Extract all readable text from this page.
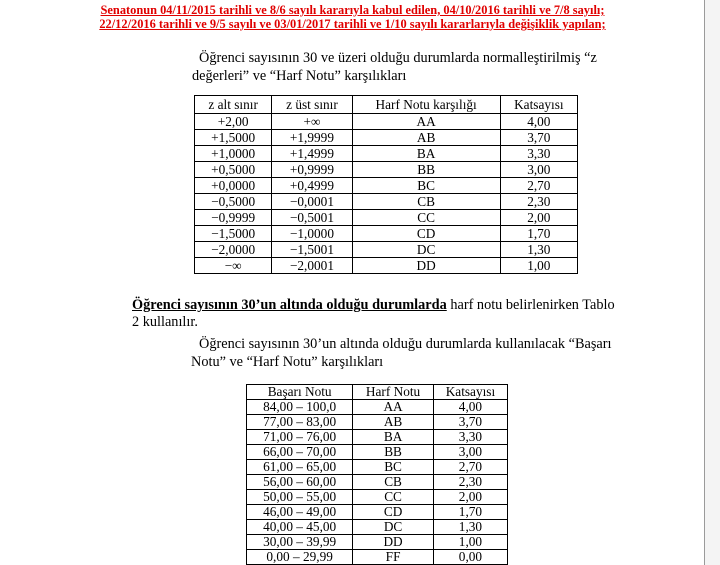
Senatonun 04/11/2015 tarihli ve 8/6 sayılı kararıyla kabul edilen, 04/10/2016 tarihli ve 7/8 sayılı;
22/12/2016 tarihli ve 9/5 sayılı ve 03/01/2017 tarihli ve 1/10 sayılı kararlarıyla değişiklik yapılan;
Öğrenci sayısının 30 ve üzeri olduğu durumlarda normalleştirilmiş “z
değerleri” ve “Harf Notu” karşılıkları
z alt sınır	z üst sınır	Harf Notu karşılığı	Katsayısı
+2,00	+∞	AA	4,00
+1,5000	+1,9999	AB	3,70
+1,0000	+1,4999	BA	3,30
+0,5000	+0,9999	BB	3,00
+0,0000	+0,4999	BC	2,70
−0,5000	−0,0001	CB	2,30
−0,9999	−0,5001	CC	2,00
−1,5000	−1,0000	CD	1,70
−2,0000	−1,5001	DC	1,30
−∞	−2,0001	DD	1,00
Öğrenci sayısının 30’un altında olduğu durumlarda harf notu belirlenirken Tablo
2 kullanılır.
Öğrenci sayısının 30’un altında olduğu durumlarda kullanılacak “Başarı
Notu” ve “Harf Notu” karşılıkları
Başarı Notu	Harf Notu	Katsayısı
84,00 – 100,0	AA	4,00
77,00 – 83,00	AB	3,70
71,00 – 76,00	BA	3,30
66,00 – 70,00	BB	3,00
61,00 – 65,00	BC	2,70
56,00 – 60,00	CB	2,30
50,00 – 55,00	CC	2,00
46,00 – 49,00	CD	1,70
40,00 – 45,00	DC	1,30
30,00 – 39,99	DD	1,00
0,00 – 29,99	FF	0,00
